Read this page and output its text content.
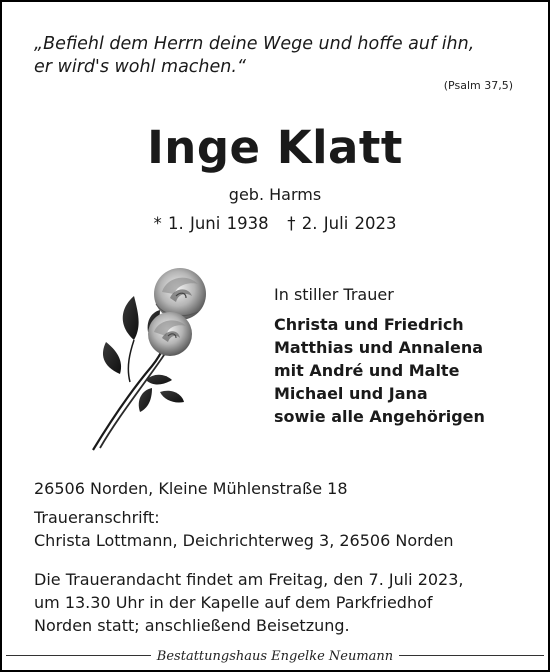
„Befiehl dem Herrn deine Wege und hoffe auf ihn,
er wird's wohl machen.“
(Psalm 37,5)
Inge Klatt
geb. Harms
* 1. Juni 1938   † 2. Juli 2023
In stiller Trauer
Christa und Friedrich
Matthias und Annalena
mit André und Malte
Michael und Jana
sowie alle Angehörigen
26506 Norden, Kleine Mühlenstraße 18
Traueranschrift:
Christa Lottmann, Deichrichterweg 3, 26506 Norden
Die Trauerandacht findet am Freitag, den 7. Juli 2023,
um 13.30 Uhr in der Kapelle auf dem Parkfriedhof
Norden statt; anschließend Beisetzung.
Bestattungshaus Engelke Neumann
